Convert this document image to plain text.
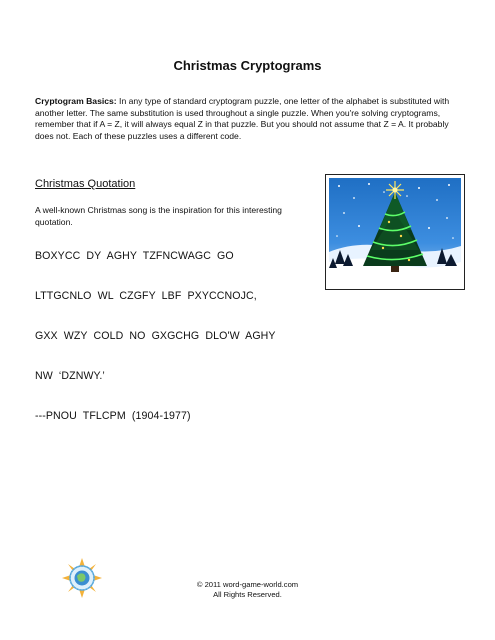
Christmas Cryptograms
Cryptogram Basics: In any type of standard cryptogram puzzle, one letter of the alphabet is substituted with another letter. The same substitution is used throughout a single puzzle. When you're solving cryptograms, remember that if A = Z, it will always equal Z in that puzzle. But you should not assume that Z = A. It probably does not. Each of these puzzles uses a different code.
Christmas Quotation
A well-known Christmas song is the inspiration for this interesting quotation.
BOXYCC  DY  AGHY  TZFNCWAGC  GO
LTTGCNLO  WL  CZGFY  LBF  PXYCCNOJC,
GXX  WZY  COLD  NO  GXGCHG  DLO'W  AGHY
NW  ‘DZNWY.’
---PNOU  TFLCPM  (1904-1977)
© 2011 word-game-world.com
All Rights Reserved.
